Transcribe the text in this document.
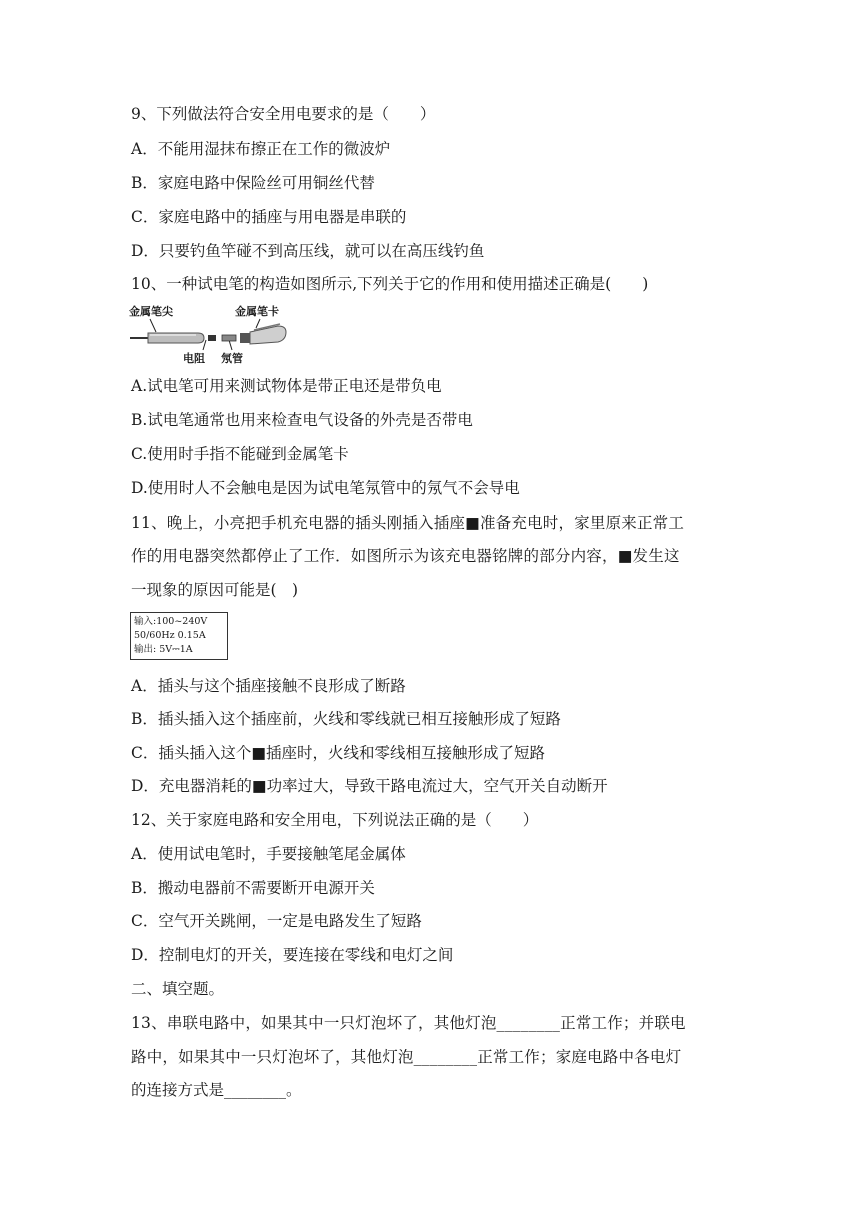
9、下列做法符合安全用电要求的是（　　）
A．不能用湿抹布擦正在工作的微波炉
B．家庭电路中保险丝可用铜丝代替
C．家庭电路中的插座与用电器是串联的
D．只要钓鱼竿碰不到高压线，就可以在高压线钓鱼
10、一种试电笔的构造如图所示,下列关于它的作用和使用描述正确是(　　)
金属笔尖	金属笔卡
电阻 氖管
A.试电笔可用来测试物体是带正电还是带负电
B.试电笔通常也用来检查电气设备的外壳是否带电
C.使用时手指不能碰到金属笔卡
D.使用时人不会触电是因为试电笔氖管中的氖气不会导电
11、晚上，小亮把手机充电器的插头刚插入插座■准备充电时，家里原来正常工
作的用电器突然都停止了工作．如图所示为该充电器铭牌的部分内容，■发生这
一现象的原因可能是(　)
输入:100~240V
50/60Hz 0.15A
输出: 5V⎓1A
A．插头与这个插座接触不良形成了断路
B．插头插入这个插座前，火线和零线就已相互接触形成了短路
C．插头插入这个■插座时，火线和零线相互接触形成了短路
D．充电器消耗的■功率过大，导致干路电流过大，空气开关自动断开
12、关于家庭电路和安全用电，下列说法正确的是（　　）
A．使用试电笔时，手要接触笔尾金属体
B．搬动电器前不需要断开电源开关
C．空气开关跳闸，一定是电路发生了短路
D．控制电灯的开关，要连接在零线和电灯之间
二、填空题。
13、串联电路中，如果其中一只灯泡坏了，其他灯泡________正常工作；并联电
路中，如果其中一只灯泡坏了，其他灯泡________正常工作；家庭电路中各电灯
的连接方式是________。
